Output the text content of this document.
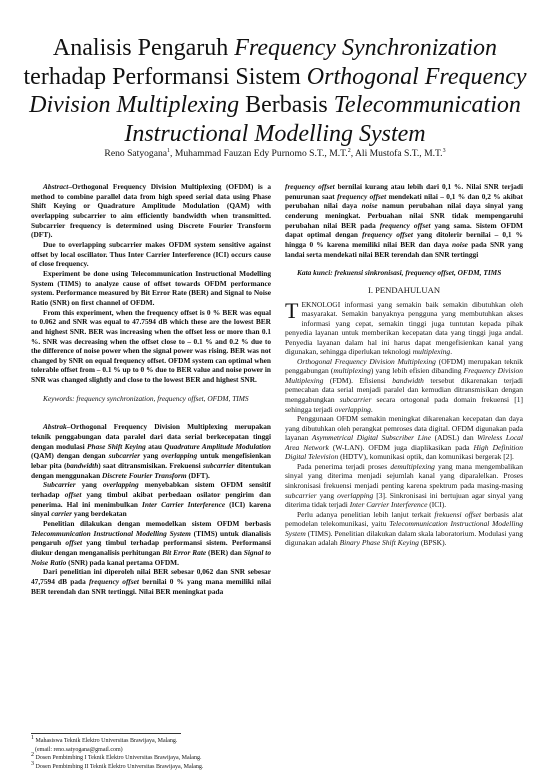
Analisis Pengaruh Frequency Synchronization
terhadap Performansi Sistem Orthogonal Frequency
Division Multiplexing Berbasis Telecommunication
Instructional Modelling System
Reno Satyogana$^1$, Muhammad Fauzan Edy Purnomo S.T., M.T.$^2$, Ali Mustofa S.T., M.T.$^3$

Abstract–Orthogonal Frequency Division Multiplexing (OFDM) is a method to combine parallel data from high speed serial data using Phase Shift Keying or Quadrature Amplitude Modulation (QAM) with overlapping subcarrier to aim efficiently bandwidth when transmitted. Subcarrier frequency is determined using Discrete Fourier Transform (DFT).

Due to overlapping subcarrier makes OFDM system sensitive against offset by local oscillator. Thus Inter Carrier Interference (ICI) occurs cause of close frequency.

Experiment be done using Telecommunication Instructional Modelling System (TIMS) to analyze cause of offset towards OFDM performance system. Performance measured by Bit Error Rate (BER) and Signal to Noise Ratio (SNR) on first channel of OFDM.

From this experiment, when the frequency offset is 0 % BER was equal to 0.062 and SNR was equal to 47.7594 dB which these are the lowest BER and highest SNR. BER was increasing when the offset less or more than 0.1 %. SNR was decreasing when the offset close to – 0.1 % and 0.2 % due to the difference of noise power when the signal power was rising. BER was not changed by SNR on equal frequency offset. OFDM system can optimal when tolerable offset from – 0.1 % up to 0 % due to BER value and noise power in SNR was changed slightly and close to the lowest BER and highest SNR.

Keywords: frequency synchronization, frequency offset, OFDM, TIMS

Abstrak–Orthogonal Frequency Division Multiplexing merupakan teknik penggabungan data paralel dari data serial berkecepatan tinggi dengan modulasi Phase Shift Keying atau Quadrature Amplitude Modulation (QAM) dengan dengan subcarrier yang overlapping untuk mengefisienkan lebar pita (bandwidth) saat ditransmisikan. Frekuensi subcarrier ditentukan dengan menggunakan Discrete Fourier Transform (DFT).

Subcarrier yang overlapping menyebabkan sistem OFDM sensitif terhadap offset yang timbul akibat perbedaan osilator pengirim dan penerima. Hal ini menimbulkan Inter Carrier Interference (ICI) karena sinyal carrier yang berdekatan

Penelitian dilakukan dengan memodelkan sistem OFDM berbasis Telecommunication Instructional Modelling System (TIMS) untuk dianalisis pengaruh offset yang timbul terhadap performansi sistem. Performansi diukur dengan menganalisis perhitungan Bit Error Rate (BER) dan Signal to Noise Ratio (SNR) pada kanal pertama OFDM.

Dari penelitian ini diperoleh nilai BER sebesar 0,062 dan SNR sebesar 47,7594 dB pada frequency offset bernilai 0 % yang mana memiliki nilai BER terendah dan SNR tertinggi. Nilai BER meningkat pada

frequency offset bernilai kurang atau lebih dari 0,1 %. Nilai SNR terjadi penurunan saat frequency offset mendekati nilai – 0,1 % dan 0,2 % akibat perubahan nilai daya noise namun perubahan nilai daya sinyal yang cenderung meningkat. Perbuahan nilai SNR tidak mempengaruhi perubahan nilai BER pada frequency offset yang sama. Sistem OFDM dapat optimal dengan frequency offset yang ditolerir bernilai – 0,1 % hingga 0 % karena memiliki nilai BER dan daya noise pada SNR yang landai serta mendekati nilai BER terendah dan SNR tertinggi

Kata kunci: frekuensi sinkronisasi, frequency offset, OFDM, TIMS

I. PENDAHULUAN

TEKNOLOGI informasi yang semakin baik semakin dibutuhkan oleh masyarakat. Semakin banyaknya pengguna yang membutuhkan akses informasi yang cepat, semakin tinggi juga tuntutan kepada pihak penyedia layanan untuk memberikan kecepatan data yang tinggi juga andal. Penyedia layanan dalam hal ini harus dapat mengefisienkan kanal yang digunakan, sehingga diperlukan teknologi multiplexing.

Orthogonal Frequency Division Multiplexing (OFDM) merupakan teknik penggabungan (multiplexing) yang lebih efisien dibanding Frequency Division Multiplexing (FDM). Efisiensi bandwidth tersebut dikarenakan terjadi pemecahan data serial menjadi paralel dan kemudian ditransmisikan dengan menggabungkan subcarrier secara ortogonal pada domain frekuensi [1] sehingga terjadi overlapping.

Penggunaan OFDM semakin meningkat dikarenakan kecepatan dan daya yang dibutuhkan oleh perangkat pemroses data digital. OFDM digunakan pada layanan Asymmetrical Digital Subscriber Line (ADSL) dan Wireless Local Area Network (W-LAN). OFDM juga diaplikasikan pada High Definition Digital Television (HDTV), komunikasi optik, dan komunikasi bergerak [2].

Pada penerima terjadi proses demultiplexing yang mana mengembalikan sinyal yang diterima menjadi sejumlah kanal yang diparalelkan. Proses sinkronisasi frekuensi menjadi penting karena spektrum pada masing-masing subcarrier yang overlapping [3]. Sinkronisasi ini bertujuan agar sinyal yang diterima tidak terjadi Inter Carrier Interference (ICI).

Perlu adanya penelitian lebih lanjut terkait frekuensi offset berbasis alat pemodelan telekomunikasi, yaitu Telecommunication Instructional Modelling System (TIMS). Penelitian dilakukan dalam skala laboratorium. Modulasi yang digunakan adalah Binary Phase Shift Keying (BPSK).

$^1$ Mahasiswa Teknik Elektro Universitas Brawijaya, Malang.

(email: reno.satyogana@gmail.com)

$^2$ Dosen Pembimbing I Teknik Elektro Universitas Brawijaya, Malang.

$^3$ Dosen Pembimbing II Teknik Elektro Universitas Brawijaya, Malang.
